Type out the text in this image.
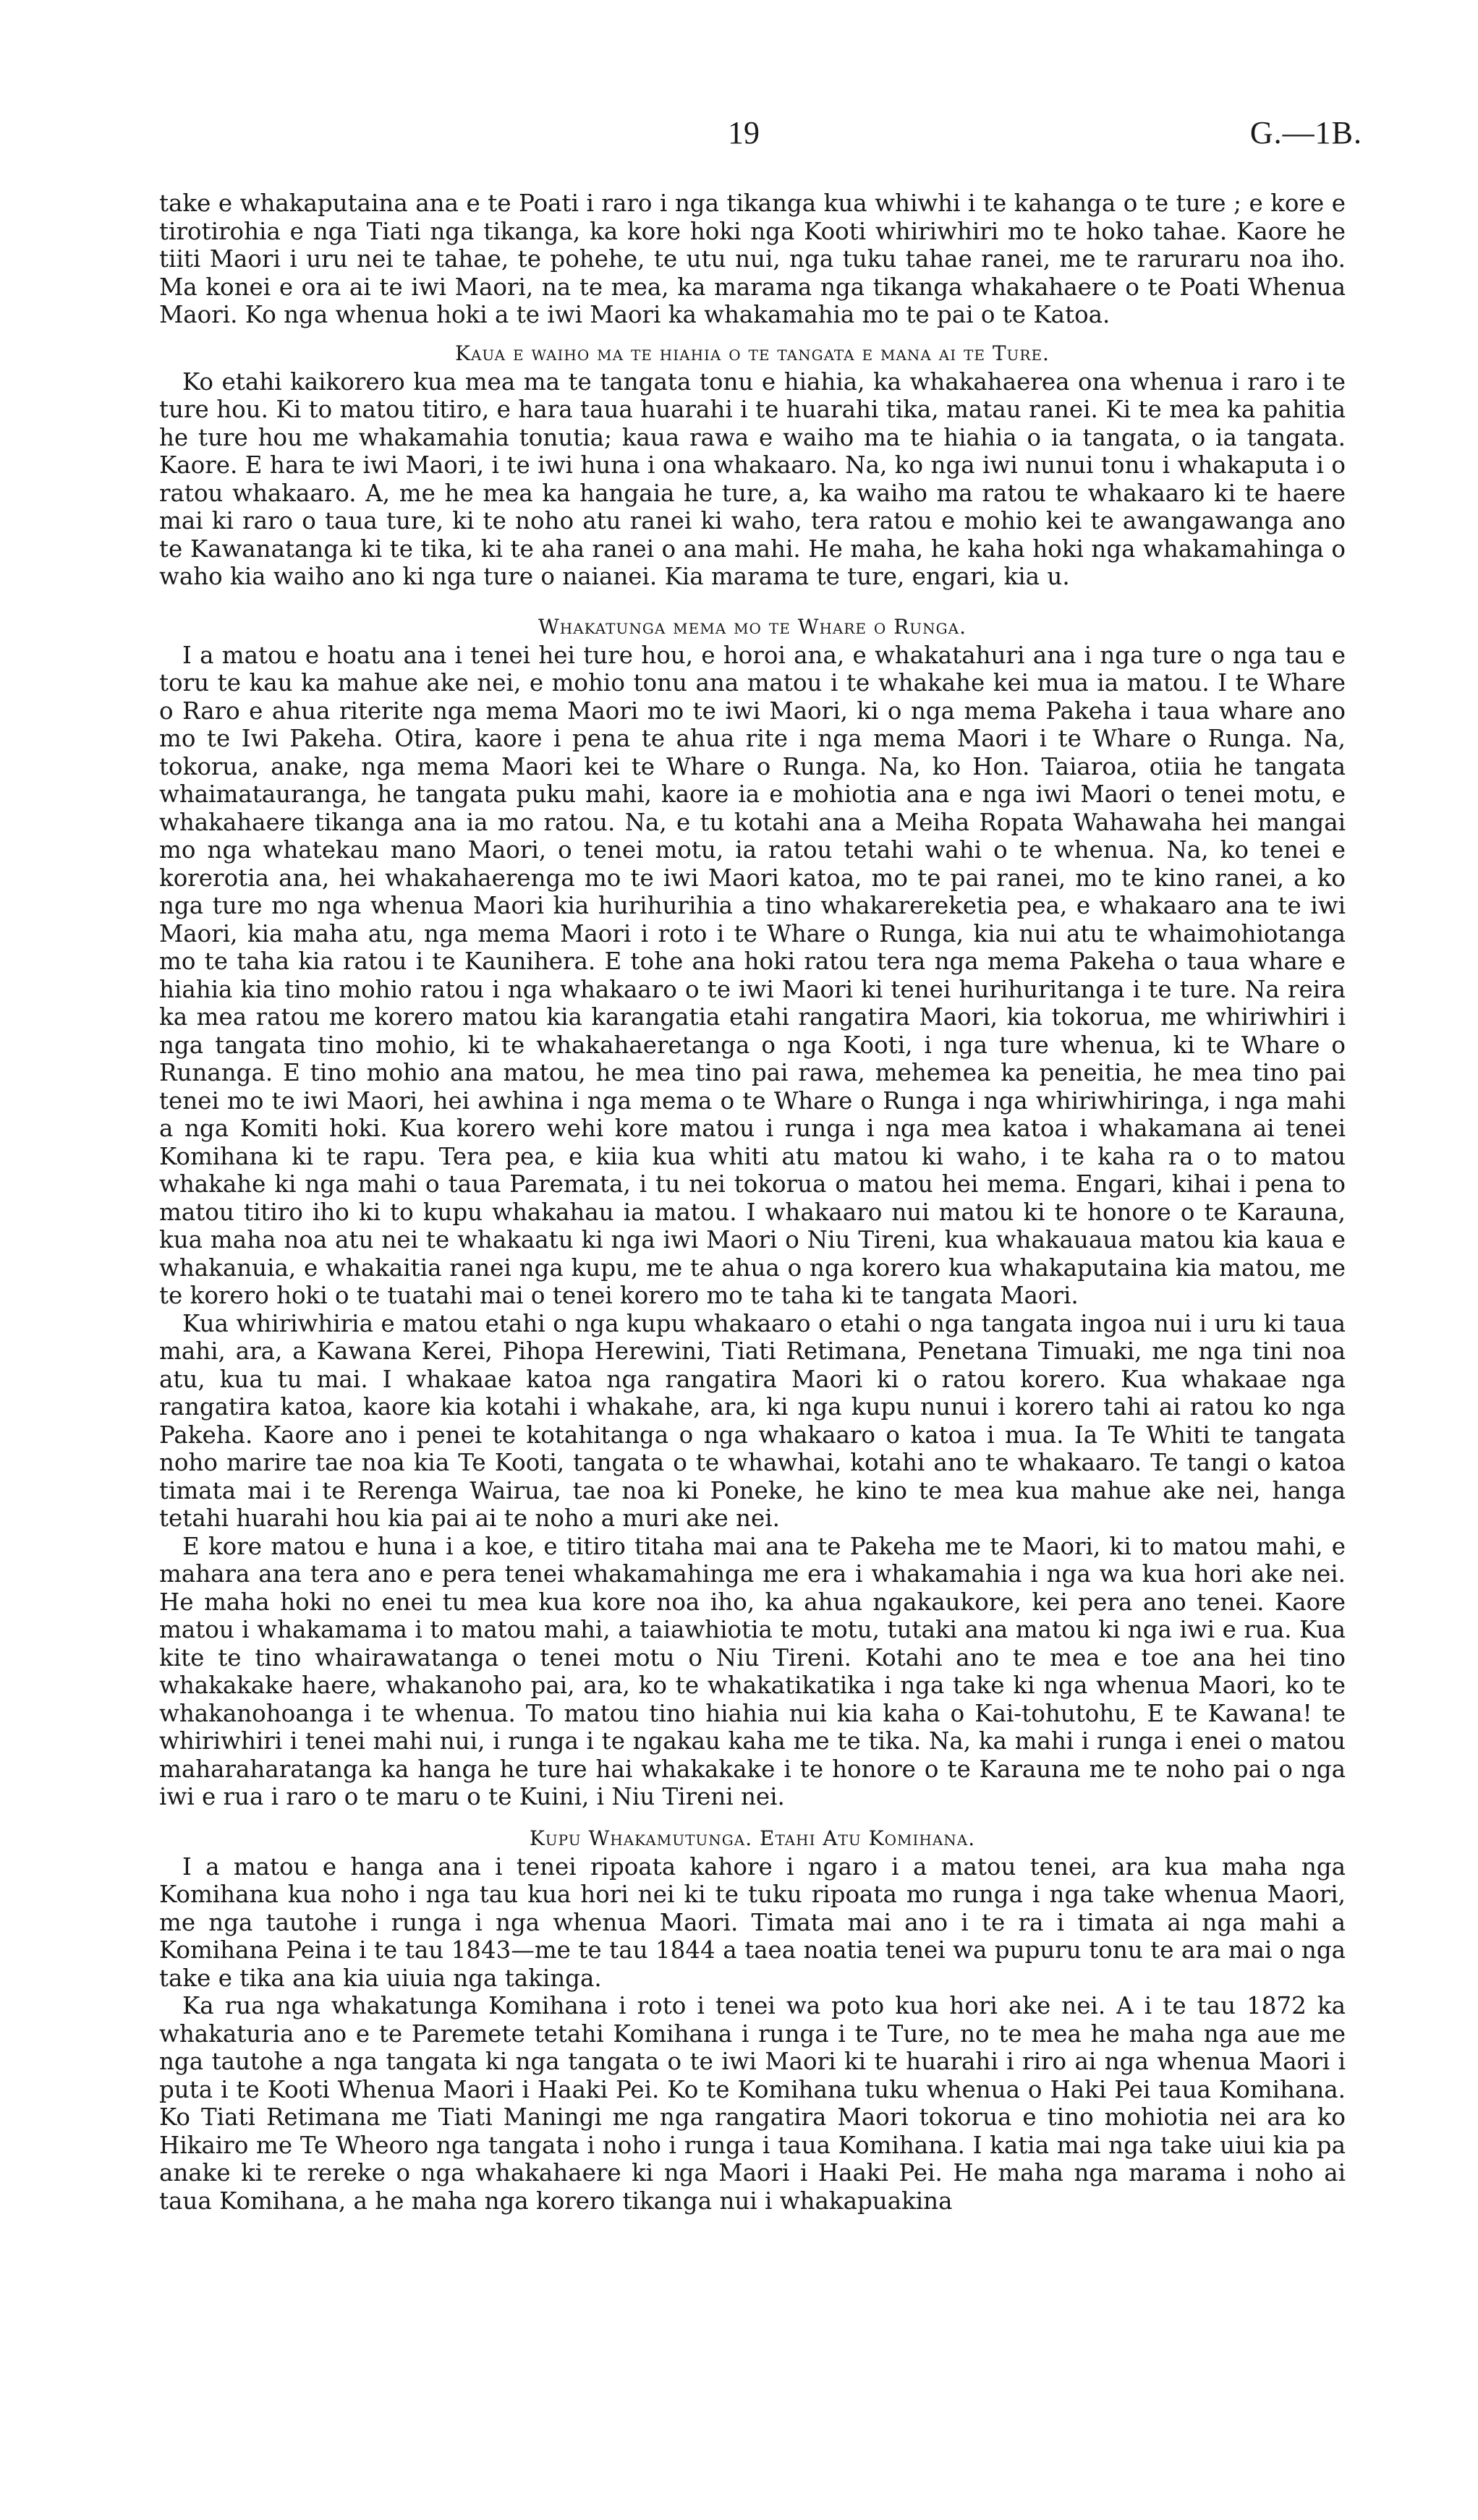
19	G.—1B.

take e whakaputaina ana e te Poati i raro i nga tikanga kua whiwhi i te kahanga o te ture ; e kore e tirotirohia e nga Tiati nga tikanga, ka kore hoki nga Kooti whiriwhiri mo te hoko tahae. Kaore he tiiti Maori i uru nei te tahae, te pohehe, te utu nui, nga tuku tahae ranei, me te raruraru noa iho. Ma konei e ora ai te iwi Maori, na te mea, ka marama nga tikanga whakahaere o te Poati Whenua Maori. Ko nga whenua hoki a te iwi Maori ka whakamahia mo te pai o te Katoa.

Kaua e waiho ma te hiahia o te tangata e mana ai te Ture.

Ko etahi kaikorero kua mea ma te tangata tonu e hiahia, ka whakahaerea ona whenua i raro i te ture hou. Ki to matou titiro, e hara taua huarahi i te huarahi tika, matau ranei. Ki te mea ka pahitia he ture hou me whakamahia tonutia; kaua rawa e waiho ma te hiahia o ia tangata, o ia tangata. Kaore. E hara te iwi Maori, i te iwi huna i ona whakaaro. Na, ko nga iwi nunui tonu i whakaputa i o ratou whakaaro. A, me he mea ka hangaia he ture, a, ka waiho ma ratou te whakaaro ki te haere mai ki raro o taua ture, ki te noho atu ranei ki waho, tera ratou e mohio kei te awangawanga ano te Kawanatanga ki te tika, ki te aha ranei o ana mahi. He maha, he kaha hoki nga whakamahinga o waho kia waiho ano ki nga ture o naianei. Kia marama te ture, engari, kia u.

Whakatunga mema mo te Whare o Runga.

I a matou e hoatu ana i tenei hei ture hou, e horoi ana, e whakatahuri ana i nga ture o nga tau e toru te kau ka mahue ake nei, e mohio tonu ana matou i te whakahe kei mua ia matou. I te Whare o Raro e ahua riterite nga mema Maori mo te iwi Maori, ki o nga mema Pakeha i taua whare ano mo te Iwi Pakeha. Otira, kaore i pena te ahua rite i nga mema Maori i te Whare o Runga. Na, tokorua, anake, nga mema Maori kei te Whare o Runga. Na, ko Hon. Taiaroa, otiia he tangata whaimatauranga, he tangata puku mahi, kaore ia e mohiotia ana e nga iwi Maori o tenei motu, e whakahaere tikanga ana ia mo ratou. Na, e tu kotahi ana a Meiha Ropata Wahawaha hei mangai mo nga whatekau mano Maori, o tenei motu, ia ratou tetahi wahi o te whenua. Na, ko tenei e korerotia ana, hei whakahaerenga mo te iwi Maori katoa, mo te pai ranei, mo te kino ranei, a ko nga ture mo nga whenua Maori kia hurihurihia a tino whakarereketia pea, e whakaaro ana te iwi Maori, kia maha atu, nga mema Maori i roto i te Whare o Runga, kia nui atu te whaimohiotanga mo te taha kia ratou i te Kaunihera. E tohe ana hoki ratou tera nga mema Pakeha o taua whare e hiahia kia tino mohio ratou i nga whakaaro o te iwi Maori ki tenei hurihuritanga i te ture. Na reira ka mea ratou me korero matou kia karangatia etahi rangatira Maori, kia tokorua, me whiriwhiri i nga tangata tino mohio, ki te whakahaeretanga o nga Kooti, i nga ture whenua, ki te Whare o Runanga. E tino mohio ana matou, he mea tino pai rawa, mehemea ka peneitia, he mea tino pai tenei mo te iwi Maori, hei awhina i nga mema o te Whare o Runga i nga whiriwhiringa, i nga mahi a nga Komiti hoki. Kua korero wehi kore matou i runga i nga mea katoa i whakamana ai tenei Komihana ki te rapu. Tera pea, e kiia kua whiti atu matou ki waho, i te kaha ra o to matou whakahe ki nga mahi o taua Paremata, i tu nei tokorua o matou hei mema. Engari, kihai i pena to matou titiro iho ki to kupu whakahau ia matou. I whakaaro nui matou ki te honore o te Karauna, kua maha noa atu nei te whakaatu ki nga iwi Maori o Niu Tireni, kua whakauaua matou kia kaua e whakanuia, e whakaitia ranei nga kupu, me te ahua o nga korero kua whakaputaina kia matou, me te korero hoki o te tuatahi mai o tenei korero mo te taha ki te tangata Maori.

Kua whiriwhiria e matou etahi o nga kupu whakaaro o etahi o nga tangata ingoa nui i uru ki taua mahi, ara, a Kawana Kerei, Pihopa Herewini, Tiati Retimana, Penetana Timuaki, me nga tini noa atu, kua tu mai. I whakaae katoa nga rangatira Maori ki o ratou korero. Kua whakaae nga rangatira katoa, kaore kia kotahi i whakahe, ara, ki nga kupu nunui i korero tahi ai ratou ko nga Pakeha. Kaore ano i penei te kotahitanga o nga whakaaro o katoa i mua. Ia Te Whiti te tangata noho marire tae noa kia Te Kooti, tangata o te whawhai, kotahi ano te whakaaro. Te tangi o katoa timata mai i te Rerenga Wairua, tae noa ki Poneke, he kino te mea kua mahue ake nei, hanga tetahi huarahi hou kia pai ai te noho a muri ake nei.

E kore matou e huna i a koe, e titiro titaha mai ana te Pakeha me te Maori, ki to matou mahi, e mahara ana tera ano e pera tenei whakamahinga me era i whakamahia i nga wa kua hori ake nei. He maha hoki no enei tu mea kua kore noa iho, ka ahua ngakaukore, kei pera ano tenei. Kaore matou i whakamama i to matou mahi, a taiawhiotia te motu, tutaki ana matou ki nga iwi e rua. Kua kite te tino whairawatanga o tenei motu o Niu Tireni. Kotahi ano te mea e toe ana hei tino whakakake haere, whakanoho pai, ara, ko te whakatikatika i nga take ki nga whenua Maori, ko te whakanohoanga i te whenua. To matou tino hiahia nui kia kaha o Kai-tohutohu, E te Kawana! te whiriwhiri i tenei mahi nui, i runga i te ngakau kaha me te tika. Na, ka mahi i runga i enei o matou maharaharatanga ka hanga he ture hai whakakake i te honore o te Karauna me te noho pai o nga iwi e rua i raro o te maru o te Kuini, i Niu Tireni nei.

Kupu Whakamutunga. Etahi Atu Komihana.

I a matou e hanga ana i tenei ripoata kahore i ngaro i a matou tenei, ara kua maha nga Komihana kua noho i nga tau kua hori nei ki te tuku ripoata mo runga i nga take whenua Maori, me nga tautohe i runga i nga whenua Maori. Timata mai ano i te ra i timata ai nga mahi a Komihana Peina i te tau 1843—me te tau 1844 a taea noatia tenei wa pupuru tonu te ara mai o nga take e tika ana kia uiuia nga takinga.

Ka rua nga whakatunga Komihana i roto i tenei wa poto kua hori ake nei. A i te tau 1872 ka whakaturia ano e te Paremete tetahi Komihana i runga i te Ture, no te mea he maha nga aue me nga tautohe a nga tangata ki nga tangata o te iwi Maori ki te huarahi i riro ai nga whenua Maori i puta i te Kooti Whenua Maori i Haaki Pei. Ko te Komihana tuku whenua o Haki Pei taua Komihana. Ko Tiati Retimana me Tiati Maningi me nga rangatira Maori tokorua e tino mohiotia nei ara ko Hikairo me Te Wheoro nga tangata i noho i runga i taua Komihana. I katia mai nga take uiui kia pa anake ki te rereke o nga whakahaere ki nga Maori i Haaki Pei. He maha nga marama i noho ai taua Komihana, a he maha nga korero tikanga nui i whakapuakina
